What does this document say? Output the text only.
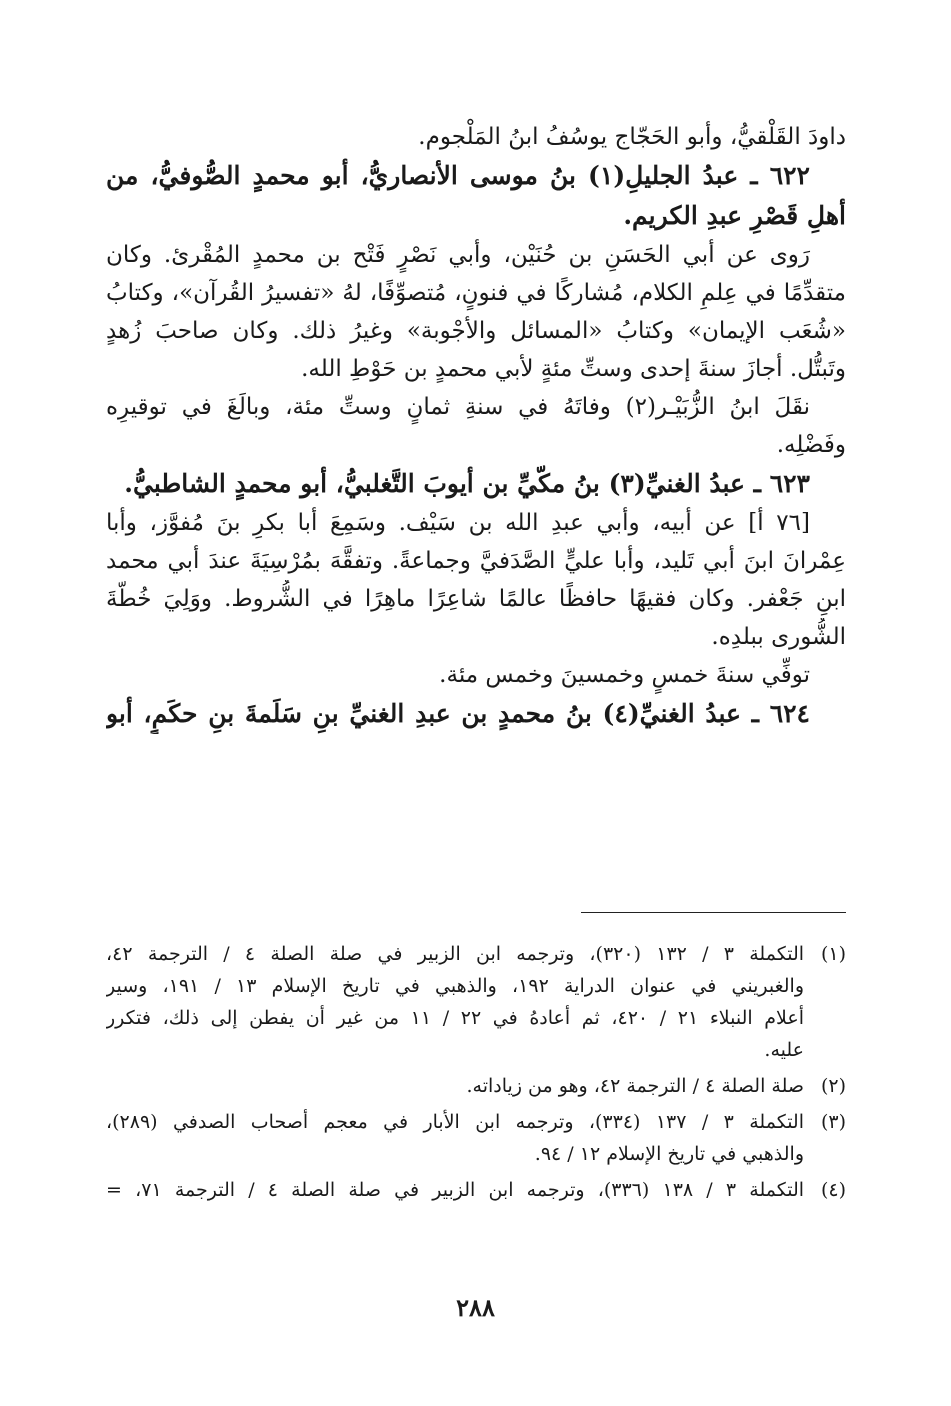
داودَ القَلْقيُّ، وأبو الحَجّاج يوسُفُ ابنُ المَلْجوم.
٦٢٢ ـ عبدُ الجليلِ(١) بنُ موسى الأنصاريُّ، أبو محمدٍ الصُّوفيُّ، من
أهلِ قَصْرِ عبدِ الكريم.
رَوى عن أبي الحَسَنِ بن حُنَيْن، وأبي نَصْرٍ فَتْح بن محمدٍ المُقْرئ. وكان
متقدِّمًا في عِلمِ الكلام، مُشاركًا في فنونٍ، مُتصوِّفًا، لهُ «تفسيرُ القُرآن»، وكتابُ
«شُعَب الإيمان» وكتابُ «المسائل والأجْوبة» وغيرُ ذلك. وكان صاحبَ زُهدٍ
وتَبتُّل. أجازَ سنةَ إحدى وستِّ مئةٍ لأبي محمدٍ بن حَوْطِ الله.
نقَلَ ابنُ الزُّبَيْـر(٢) وفاتَهُ في سنةِ ثمانٍ وستِّ مئة، وبالَغَ في توقيرِه
وفَضْلِه.
٦٢٣ ـ عبدُ الغنيِّ(٣) بنُ مكّيِّ بن أيوبَ التَّغلبيُّ، أبو محمدٍ الشاطبيُّ.
[٧٦ أ] عن أبيه، وأبي عبدِ الله بن سَيْف. وسَمِعَ أبا بكرِ بنَ مُفوَّز، وأبا
عِمْرانَ ابنَ أبي تَليد، وأبا عليٍّ الصَّدَفيَّ وجماعةً. وتفقَّهَ بمُرْسِيَةَ عندَ أبي محمد
ابنِ جَعْفر. وكان فقيهًا حافظًا عالمًا شاعِرًا ماهِرًا في الشُّروط. ووَلِيَ خُطّةَ
الشُّورى ببلدِه.
توفِّي سنةَ خمسٍ وخمسينَ وخمس مئة.
٦٢٤ ـ عبدُ الغنيِّ(٤) بنُ محمدٍ بن عبدِ الغنيِّ بنِ سَلَمةَ بنِ حكَمٍ، أبو
(١)
التكملة ٣ / ١٣٢ (٣٢٠)، وترجمه ابن الزبير في صلة الصلة ٤ / الترجمة ٤٢،
والغبريني في عنوان الدراية ١٩٢، والذهبي في تاريخ الإسلام ١٣ / ١٩١، وسير
أعلام النبلاء ٢١ / ٤٢٠، ثم أعادهُ في ٢٢ / ١١ من غير أن يفطن إلى ذلك، فتكرر
عليه.
(٢)
صلة الصلة ٤ / الترجمة ٤٢، وهو من زياداته.
(٣)
التكملة ٣ / ١٣٧ (٣٣٤)، وترجمه ابن الأبار في معجم أصحاب الصدفي (٢٨٩)،
والذهبي في تاريخ الإسلام ١٢ / ٩٤.
(٤)
التكملة ٣ / ١٣٨ (٣٣٦)، وترجمه ابن الزبير في صلة الصلة ٤ / الترجمة ٧١، =
٢٨٨
